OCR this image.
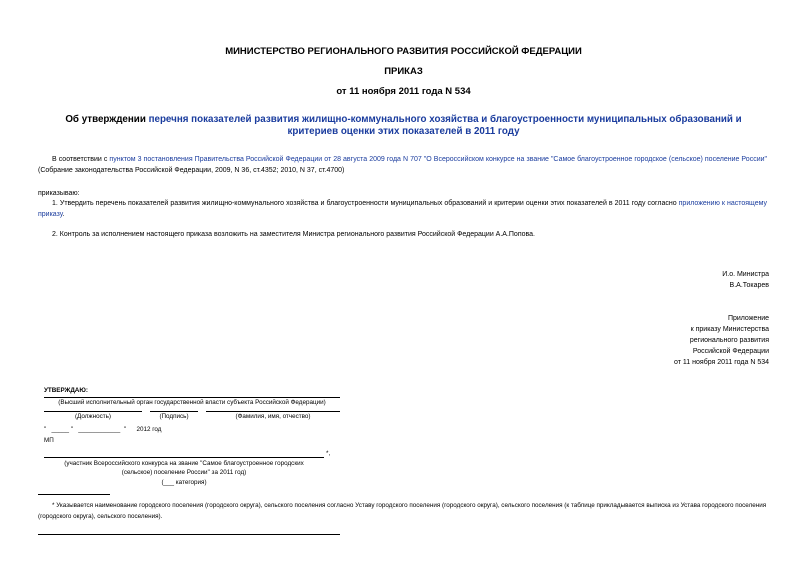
МИНИСТЕРСТВО РЕГИОНАЛЬНОГО РАЗВИТИЯ РОССИЙСКОЙ ФЕДЕРАЦИИ
ПРИКАЗ
от 11 ноября 2011 года N 534
Об утверждении перечня показателей развития жилищно-коммунального хозяйства и благоустроенности муниципальных образований и критериев оценки этих показателей в 2011 году
В соответствии с пунктом 3 постановления Правительства Российской Федерации от 28 августа 2009 года N 707 "О Всероссийском конкурсе на звание "Самое благоустроенное городское (сельское) поселение России" (Собрание законодательства Российской Федерации, 2009, N 36, ст.4352; 2010, N 37, ст.4700)
приказываю:
1. Утвердить перечень показателей развития жилищно-коммунального хозяйства и благоустроенности муниципальных образований и критерии оценки этих показателей в 2011 году согласно приложению к настоящему приказу.
2. Контроль за исполнением настоящего приказа возложить на заместителя Министра регионального развития Российской Федерации А.А.Попова.
И.о. Министра
В.А.Токарев
Приложение
к приказу Министерства
регионального развития
Российской Федерации
от 11 ноября 2011 года N 534
УТВЕРЖДАЮ:
(Высший исполнительный орган государственной власти субъекта Российской Федерации)
(Должность)	(Подпись)	(Фамилия, имя, отчество)
"   _____ "   ____________  "      2012 год
МП
*,
(участник Всероссийского конкурса на звание "Самое благоустроенное городских
(сельское) поселение России" за 2011 год)
(___ категория)
* Указывается наименование городского поселения (городского округа), сельского поселения согласно Уставу городского поселения (городского округа), сельского поселения (к таблице прикладывается выписка из Устава городского поселения (городского округа), сельского поселения).
